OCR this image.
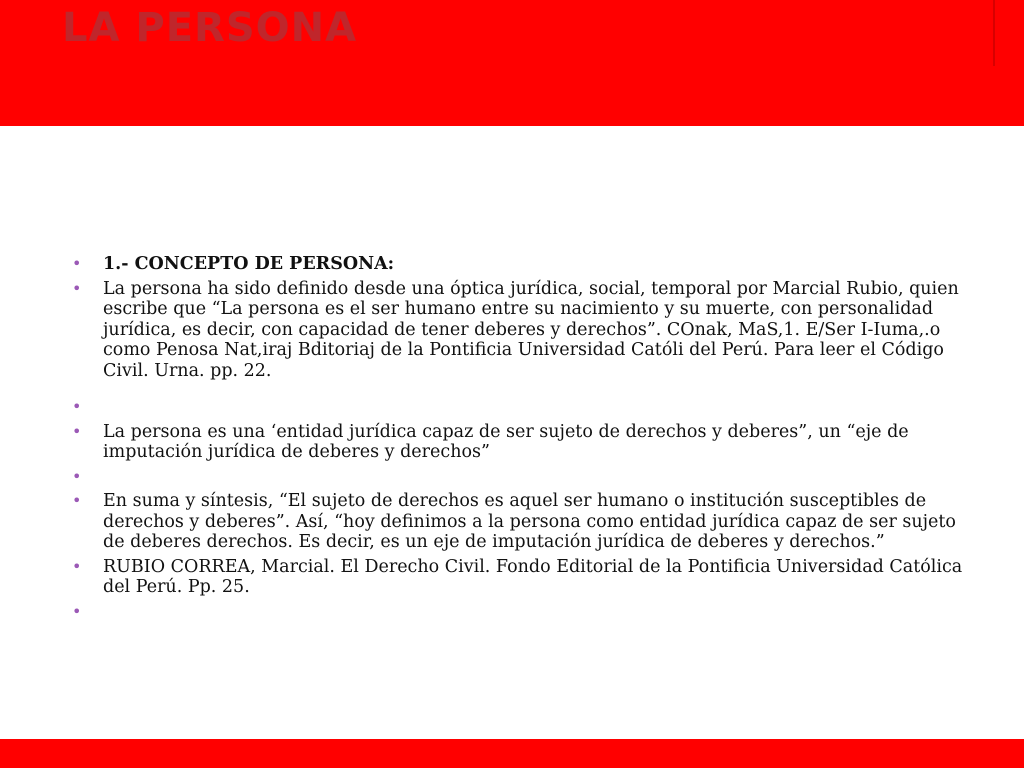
LA PERSONA
• 1.- CONCEPTO DE PERSONA:
• La persona ha sido definido desde una óptica jurídica, social, temporal por Marcial Rubio, quien escribe que “La persona es el ser humano entre su nacimiento y su muerte, con personalidad jurídica, es decir, con capacidad de tener deberes y derechos”. COnak, MaS,1. E/Ser I-Iuma,.o como Penosa Nat,iraj Bditoriaj de la Pontificia Universidad Católi del Perú. Para leer el Código Civil. Urna. pp. 22.
•
• La persona es una ‘entidad jurídica capaz de ser sujeto de derechos y deberes”, un “eje de imputación jurídica de deberes y derechos”
•
• En suma y síntesis, “El sujeto de derechos es aquel ser humano o institución susceptibles de derechos y deberes”. Así, “hoy definimos a la persona como entidad jurídica capaz de ser sujeto de deberes derechos. Es decir, es un eje de imputación jurídica de deberes y derechos.”
• RUBIO CORREA, Marcial. El Derecho Civil. Fondo Editorial de la Pontificia Universidad Católica del Perú. Pp. 25.
•
